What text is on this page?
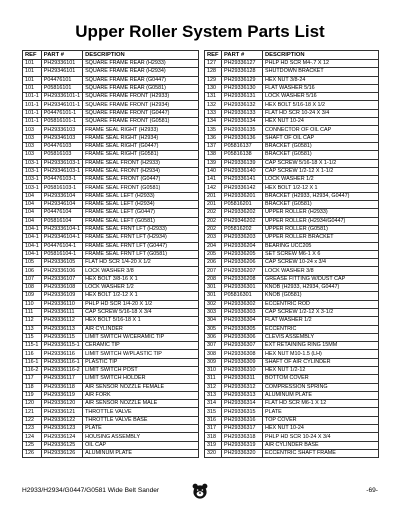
Upper Roller System Parts List
REF	PART #	DESCRIPTION
101	PH29336101	SQUARE FRAME REAR (H2933)
101	PH29346101	SQUARE FRAME REAR (H2934)
101	P04476101	SQUARE FRAME REAR (G0447)
101	P05816101	SQUARE FRAME REAR (G0581)
101-1	PH29336101-1	SQUARE FRAME FRONT (H2933)
101-1	PH29346101-1	SQUARE FRAME FRONT (H2934)
101-1	P04476101-1	SQUARE FRAME FRONT (G0447)
101-1	P05816101-1	SQUARE FRAME FRONT (G0581)
103	PH29336103	FRAME SEAL RIGHT (H2933)
103	PH29346103	FRAME SEAL RIGHT (H2934)
103	P04476103	FRAME SEAL RIGHT (G0447)
103	P05816103	FRAME SEAL RIGHT (G0581)
103-1	PH29336103-1	FRAME SEAL FRONT (H2933)
103-1	PH29346103-1	FRAME SEAL FRONT (H2934)
103-1	P04476103-1	FRAME SEAL FRONT (G0447)
103-1	P05816103-1	FRAME SEAL FRONT (G0581)
104	PH29336104	FRAME SEAL LEFT (H2933)
104	PH29346104	FRAME SEAL LEFT (H2934)
104	P04476104	FRAME SEAL LEFT (G0447)
104	P05816104	FRAME SEAL LEFT (G0581)
104-1	PH29336104-1	FRAME SEAL FRNT LFT (H2933)
104-1	PH29346104-1	FRAME SEAL FRNT LFT (H2934)
104-1	P04476104-1	FRAME SEAL FRNT LFT (G0447)
104-1	P05816104-1	FRAME SEAL FRNT LFT (G0581)
105	PH29336105	FLAT HD SCR 1/4-20 X 1/2
106	PH29336106	LOCK WASHER 3/8
107	PH29336107	HEX BOLT 3/8-16 X 1
108	PH29336108	LOCK WASHER 1/2
109	PH29336109	HEX BOLT 1/2-12 X 1
110	PH29336110	PHLP HD SCR 1/4-20 X 1/2
111	PH29336111	CAP SCREW 5/16-18 X 3/4
112	PH29336112	HEX BOLT 5/16-18 X 1
113	PH29336113	AIR CYLINDER
115	PH29336115	LIMIT SWITCH W/CERAMIC TIP
115-1	PH29336115-1	CERAMIC TIP
116	PH29336116	LIMIT SWITCH W/PLASTIC TIP
116-1	PH29336116-1	PLASTIC TIP
116-2	PH29336116-2	LIMIT SWITCH POST
117	PH29336117	LIMIT SWITCH HOLDER
118	PH29336118	AIR SENSOR NOZZLE FEMALE
119	PH29336119	AIR FORK
120	PH29336120	AIR SENSOR NOZZLE MALE
121	PH29336121	THROTTLE VALVE
122	PH29336122	THROTTLE VALVE BASE
123	PH29336123	PLATE
124	PH29336124	HOUSING ASSEMBLY
125	PH29336125	OIL CAP
126	PH29336126	ALUMINUM PLATE
REF	PART #	DESCRIPTION
127	PH29336127	PHLP HD SCR M4-.7 X 12
128	PH29336128	SHUTDOWN BRACKET
129	PH29336129	HEX NUT 3/8-24
130	PH29336130	FLAT WASHER 5/16
131	PH29336131	LOCK WASHER 5/16
132	PH29336132	HEX BOLT 5/16-18 X 1/2
133	PH29336133	FLAT HD SCR 10-24 X 3/4
134	PH29336134	HEX NUT 10-24
135	PH29336135	CONNECTOR OF OIL CAP
136	PH29336136	SHAFT OF OIL CAP
137	P05816137	BRACKET (G0581)
138	P05816138	BRACKET (G0581)
139	PH29336139	CAP SCREW 5/16-18 X 1-1/2
140	PH29336140	CAP SCREW 1/2-12 X 1-1/2
141	PH29336141	LOCK WASHER 1/2
142	PH29336142	HEX BOLT 1/2-12 X 1
201	PH29336201	BRACKET (H2933, H2934, G0447)
201	P05816201	BRACKET (G0581)
202	PH29336202	UPPER ROLLER (H2933)
202	PH29346202	UPPER ROLLER (H2934/G0447)
202	P05816202	UPPER ROLLER (G0581)
203	PH29336203	UPPER ROLLER BRACKET
204	PH29336204	BEARING UCC205
205	PH29336205	SET SCREW M6-1 X 6
206	PH29336206	CAP SCREW 10-24 x 3/4
207	PH29336207	LOCK WASHER 3/8
208	PH29336208	GREASE FITTING W/DUST CAP
301	PH29336301	KNOB (H2933, H2934, G0447)
301	P05816301	KNOB (G0581)
302	PH29336302	ECCENTRIC ROD
303	PH29336303	CAP SCREW 1/2-12 X 3-1/2
304	PH29336304	FLAT WASHER 1/2
305	PH29336305	ECCENTRIC
306	PH29336306	CLEVIS ASSEMBLY
307	PH29336307	EXT RETAINING RING 15MM
308	PH29336308	HEX NUT M10-1.5 (LH)
309	PH29336309	SHAFT OF AIR CYLINDER
310	PH29336310	HEX NUT 1/2-12
311	PH29336311	BOTTOM COVER
312	PH29336312	COMPRESSION SPRING
313	PH29336313	ALUMINUM PLATE
314	PH29336314	FLAT HD SCR M6-1 X 12
315	PH29336315	PLATE
316	PH29336316	TOP COVER
317	PH29336317	HEX NUT 10-24
318	PH29336318	PHLP HD SCR 10-24 X 3/4
319	PH29336319	AIR CYLINDER BASE
320	PH29336320	ECCENTRIC SHAFT FRAME
H2933/H2934/G0447/G0581 Wide Belt Sander	-69-
